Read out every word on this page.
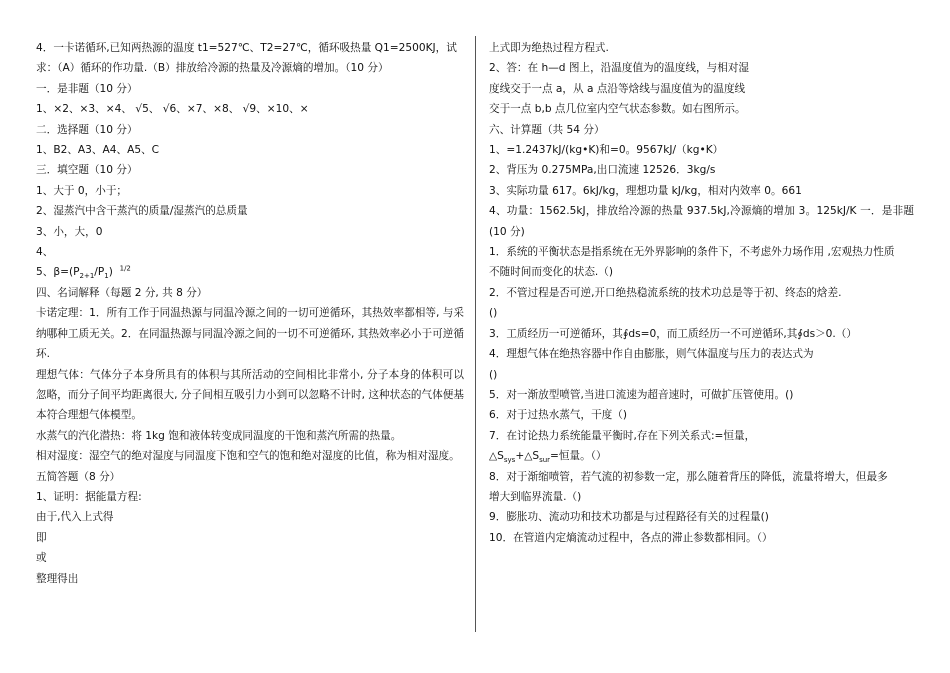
4．一卡诺循环,已知两热源的温度 t1=527℃、T2=27℃，循环吸热量 Q1=2500KJ，试
求：（A）循环的作功量.（B）排放给冷源的热量及冷源熵的增加。（10 分）
一．是非题（10 分）
1、×2、×3、×4、 √5、 √6、×7、×8、 √9、×10、×
二．选择题（10 分）
1、B2、A3、A4、A5、C
三．填空题（10 分）
1、大于 0，小于；
2、湿蒸汽中含干蒸汽的质量/湿蒸汽的总质量
3、小，大，0
4、
5、$\beta=(P_{2+1}/P_1)$ $^{1/2}$
四、名词解释（每题 2 分, 共 8 分）
卡诺定理：1．所有工作于同温热源与同温冷源之间的一切可逆循环，其热效率都相等, 与采纳哪种工质无关。2．在同温热源与同温冷源之间的一切不可逆循环, 其热效率必小于可逆循环.
理想气体：气体分子本身所具有的体积与其所活动的空间相比非常小, 分子本身的体积可以忽略，而分子间平均距离很大, 分子间相互吸引力小到可以忽略不计时, 这种状态的气体便基本符合理想气体模型。
水蒸气的汽化潜热：将 1kg 饱和液体转变成同温度的干饱和蒸汽所需的热量。
相对湿度：湿空气的绝对湿度与同温度下饱和空气的饱和绝对湿度的比值，称为相对湿度。
五简答题（8 分）
1、证明：据能量方程:
由于,代入上式得
即
或
整理得出
上式即为绝热过程方程式.
2、答：在 h—d 图上，沿温度值为的温度线，与相对湿
度线交于一点 a，从 a 点沿等焓线与温度值为的温度线
交于一点 b,b 点几位室内空气状态参数。如右图所示。
六、计算题（共 54 分）
1、=1.2437kJ/(kg•K)和=0。9567kJ/（kg•K）
2、背压为 0.275MPa,出口流速 12526．3kg/s
3、实际功量 617。6kJ/kg，理想功量 kJ/kg，相对内效率 0。661
4、功量：1562.5kJ，排放给冷源的热量 937.5kJ,冷源熵的增加 3。125kJ/K 一．是非题(10 分)
1．系统的平衡状态是指系统在无外界影响的条件下，不考虑外力场作用 ,宏观热力性质
不随时间而变化的状态.（)
2．不管过程是否可逆,开口绝热稳流系统的技术功总是等于初、终态的焓差.
()
3．工质经历一可逆循环，其∮ds=0，而工质经历一不可逆循环,其∮ds＞0.（）
4．理想气体在绝热容器中作自由膨胀，则气体温度与压力的表达式为
()
5．对一渐放型喷管,当进口流速为超音速时，可做扩压管使用。()
6．对于过热水蒸气，干度（)
7．在讨论热力系统能量平衡时,存在下列关系式:=恒量，
$\triangle S_{sys}+\triangle S_{sur}=$恒量。（）
8．对于渐缩喷管，若气流的初参数一定，那么随着背压的降低，流量将增大，但最多
增大到临界流量.（)
9．膨胀功、流动功和技术功都是与过程路径有关的过程量()
10．在管道内定熵流动过程中，各点的滞止参数都相同。（）
